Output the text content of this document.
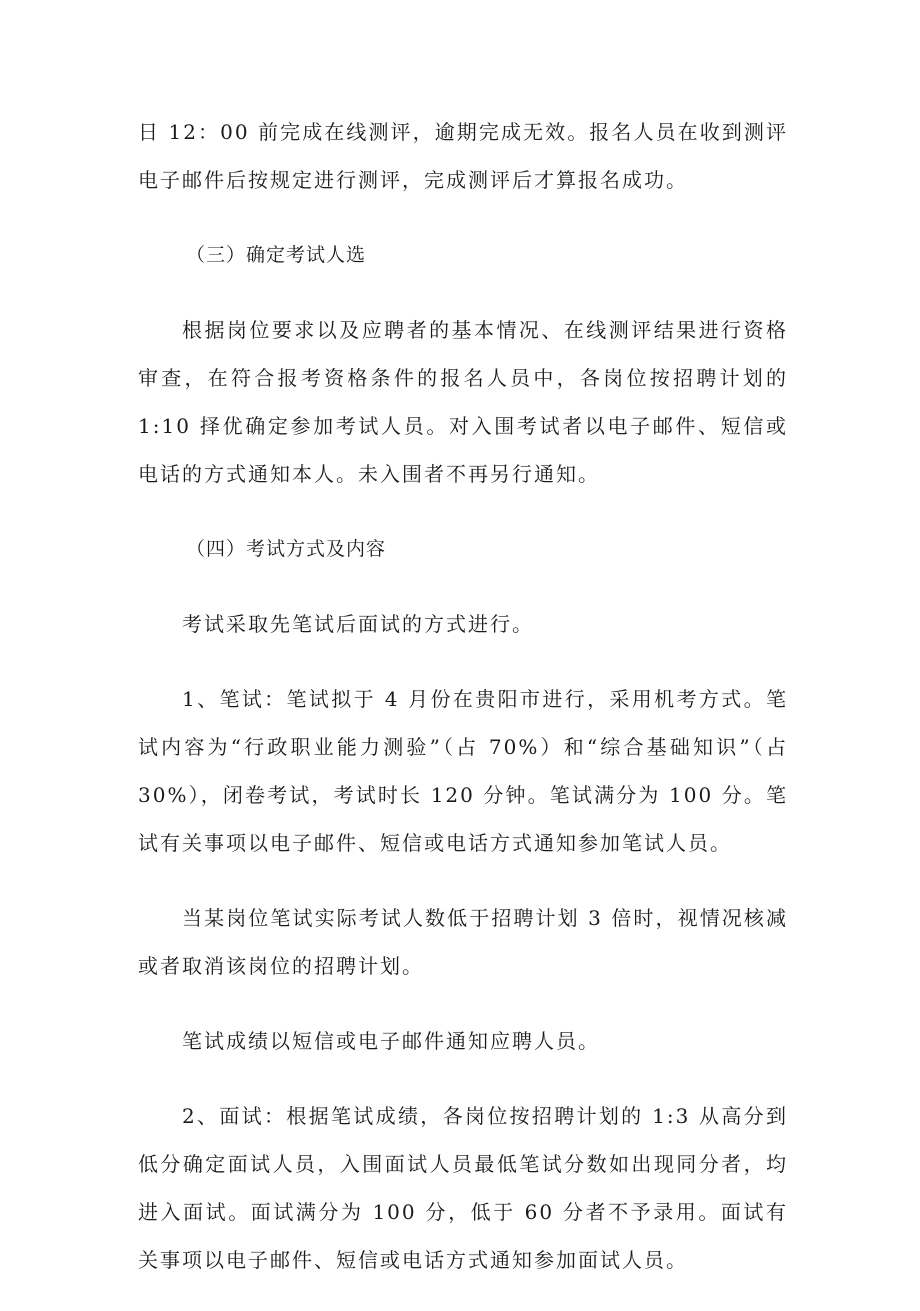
日 12：00 前完成在线测评，逾期完成无效。报名人员在收到测评电子邮件后按规定进行测评，完成测评后才算报名成功。

（三）确定考试人选

根据岗位要求以及应聘者的基本情况、在线测评结果进行资格审查，在符合报考资格条件的报名人员中，各岗位按招聘计划的 1:10 择优确定参加考试人员。对入围考试者以电子邮件、短信或电话的方式通知本人。未入围者不再另行通知。

（四）考试方式及内容

考试采取先笔试后面试的方式进行。

1、笔试：笔试拟于 4 月份在贵阳市进行，采用机考方式。笔试内容为“行政职业能力测验”（占 70%）和“综合基础知识”（占 30%），闭卷考试，考试时长 120 分钟。笔试满分为 100 分。笔试有关事项以电子邮件、短信或电话方式通知参加笔试人员。

当某岗位笔试实际考试人数低于招聘计划 3 倍时，视情况核减或者取消该岗位的招聘计划。

笔试成绩以短信或电子邮件通知应聘人员。

2、面试：根据笔试成绩，各岗位按招聘计划的 1:3 从高分到低分确定面试人员，入围面试人员最低笔试分数如出现同分者，均进入面试。面试满分为 100 分，低于 60 分者不予录用。面试有关事项以电子邮件、短信或电话方式通知参加面试人员。
